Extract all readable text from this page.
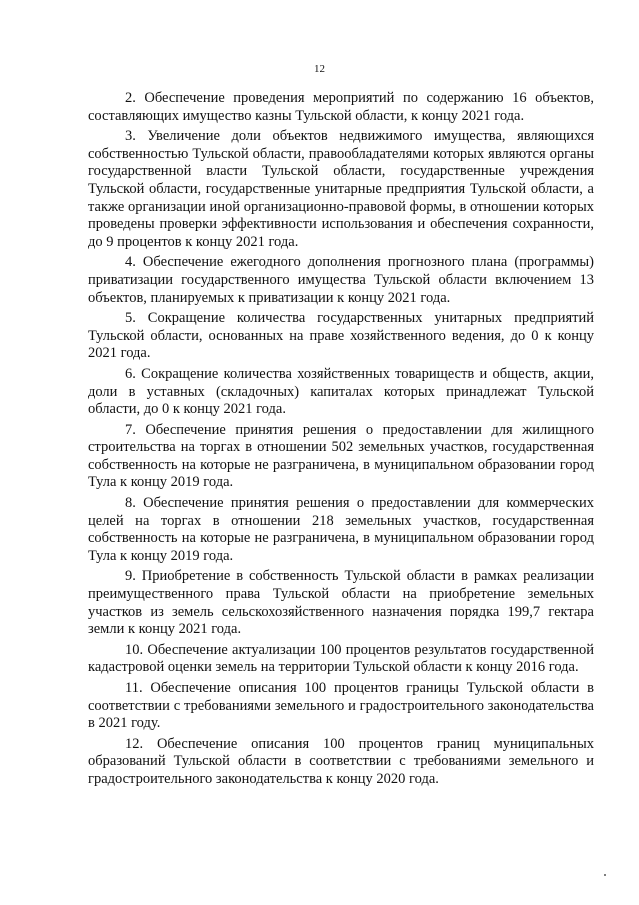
12

2. Обеспечение проведения мероприятий по содержанию 16 объектов, составляющих имущество казны Тульской области, к концу 2021 года.

3. Увеличение доли объектов недвижимого имущества, являющихся собственностью Тульской области, правообладателями которых являются органы государственной власти Тульской области, государственные учреждения Тульской области, государственные унитарные предприятия Тульской области, а также организации иной организационно-правовой формы, в отношении которых проведены проверки эффективности использования и обеспечения сохранности, до 9 процентов к концу 2021 года.

4. Обеспечение ежегодного дополнения прогнозного плана (программы) приватизации государственного имущества Тульской области включением 13 объектов, планируемых к приватизации к концу 2021 года.

5. Сокращение количества государственных унитарных предприятий Тульской области, основанных на праве хозяйственного ведения, до 0 к концу 2021 года.

6. Сокращение количества хозяйственных товариществ и обществ, акции, доли в уставных (складочных) капиталах которых принадлежат Тульской области, до 0 к концу 2021 года.

7. Обеспечение принятия решения о предоставлении для жилищного строительства на торгах в отношении 502 земельных участков, государственная собственность на которые не разграничена, в муниципальном образовании город Тула к концу 2019 года.

8. Обеспечение принятия решения о предоставлении для коммерческих целей на торгах в отношении 218 земельных участков, государственная собственность на которые не разграничена, в муниципальном образовании город Тула к концу 2019 года.

9. Приобретение в собственность Тульской области в рамках реализации преимущественного права Тульской области на приобретение земельных участков из земель сельскохозяйственного назначения порядка 199,7 гектара земли к концу 2021 года.

10. Обеспечение актуализации 100 процентов результатов государственной кадастровой оценки земель на территории Тульской области к концу 2016 года.

11. Обеспечение описания 100 процентов границы Тульской области в соответствии с требованиями земельного и градостроительного законодательства в 2021 году.

12. Обеспечение описания 100 процентов границ муниципальных образований Тульской области в соответствии с требованиями земельного и градостроительного законодательства к концу 2020 года.
